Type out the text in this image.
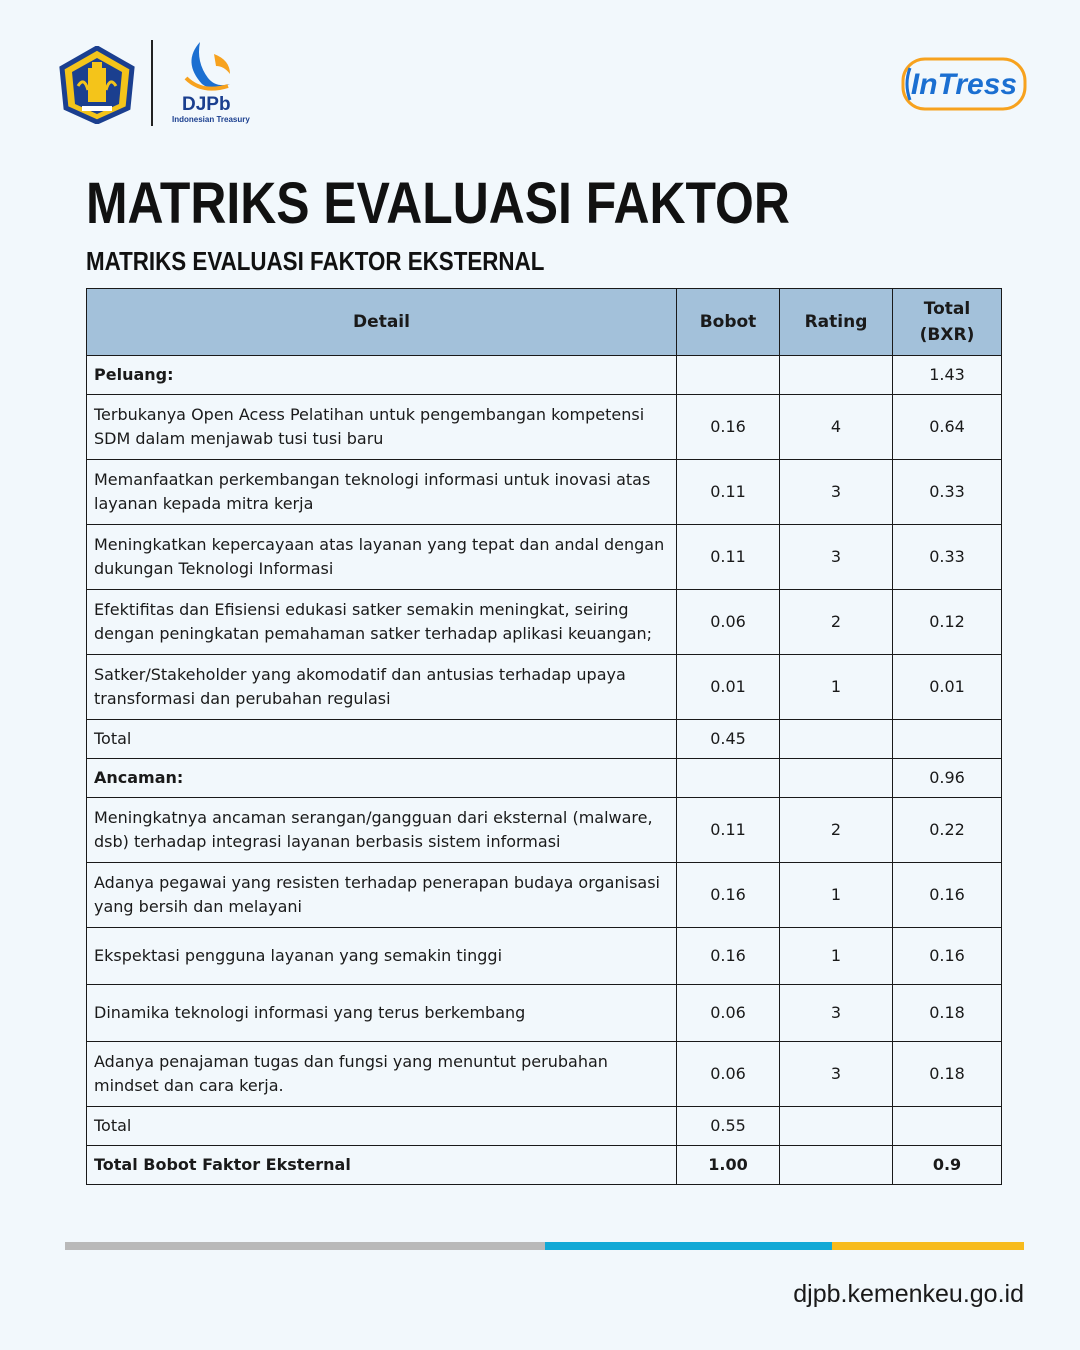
DJPb
Indonesian Treasury
InTress
MATRIKS EVALUASI FAKTOR
MATRIKS EVALUASI FAKTOR EKSTERNAL
Detail	Bobot	Rating	Total (BXR)
Peluang:			1.43
Terbukanya Open Acess Pelatihan untuk pengembangan kompetensi SDM dalam menjawab tusi tusi baru	0.16	4	0.64
Memanfaatkan perkembangan teknologi informasi untuk inovasi atas layanan kepada mitra kerja	0.11	3	0.33
Meningkatkan kepercayaan atas layanan yang tepat dan andal dengan dukungan Teknologi Informasi	0.11	3	0.33
Efektifitas dan Efisiensi edukasi satker semakin meningkat, seiring dengan peningkatan pemahaman satker terhadap aplikasi keuangan;	0.06	2	0.12
Satker/Stakeholder yang akomodatif dan antusias terhadap upaya transformasi dan perubahan regulasi	0.01	1	0.01
Total	0.45		
Ancaman:			0.96
Meningkatnya ancaman serangan/gangguan dari eksternal (malware, dsb) terhadap integrasi layanan berbasis sistem informasi	0.11	2	0.22
Adanya pegawai yang resisten terhadap penerapan budaya organisasi yang bersih dan melayani	0.16	1	0.16
Ekspektasi pengguna layanan yang semakin tinggi	0.16	1	0.16
Dinamika teknologi informasi yang terus berkembang	0.06	3	0.18
Adanya penajaman tugas dan fungsi yang menuntut perubahan mindset dan cara kerja.	0.06	3	0.18
Total	0.55		
Total Bobot Faktor Eksternal	1.00		0.9
djpb.kemenkeu.go.id
